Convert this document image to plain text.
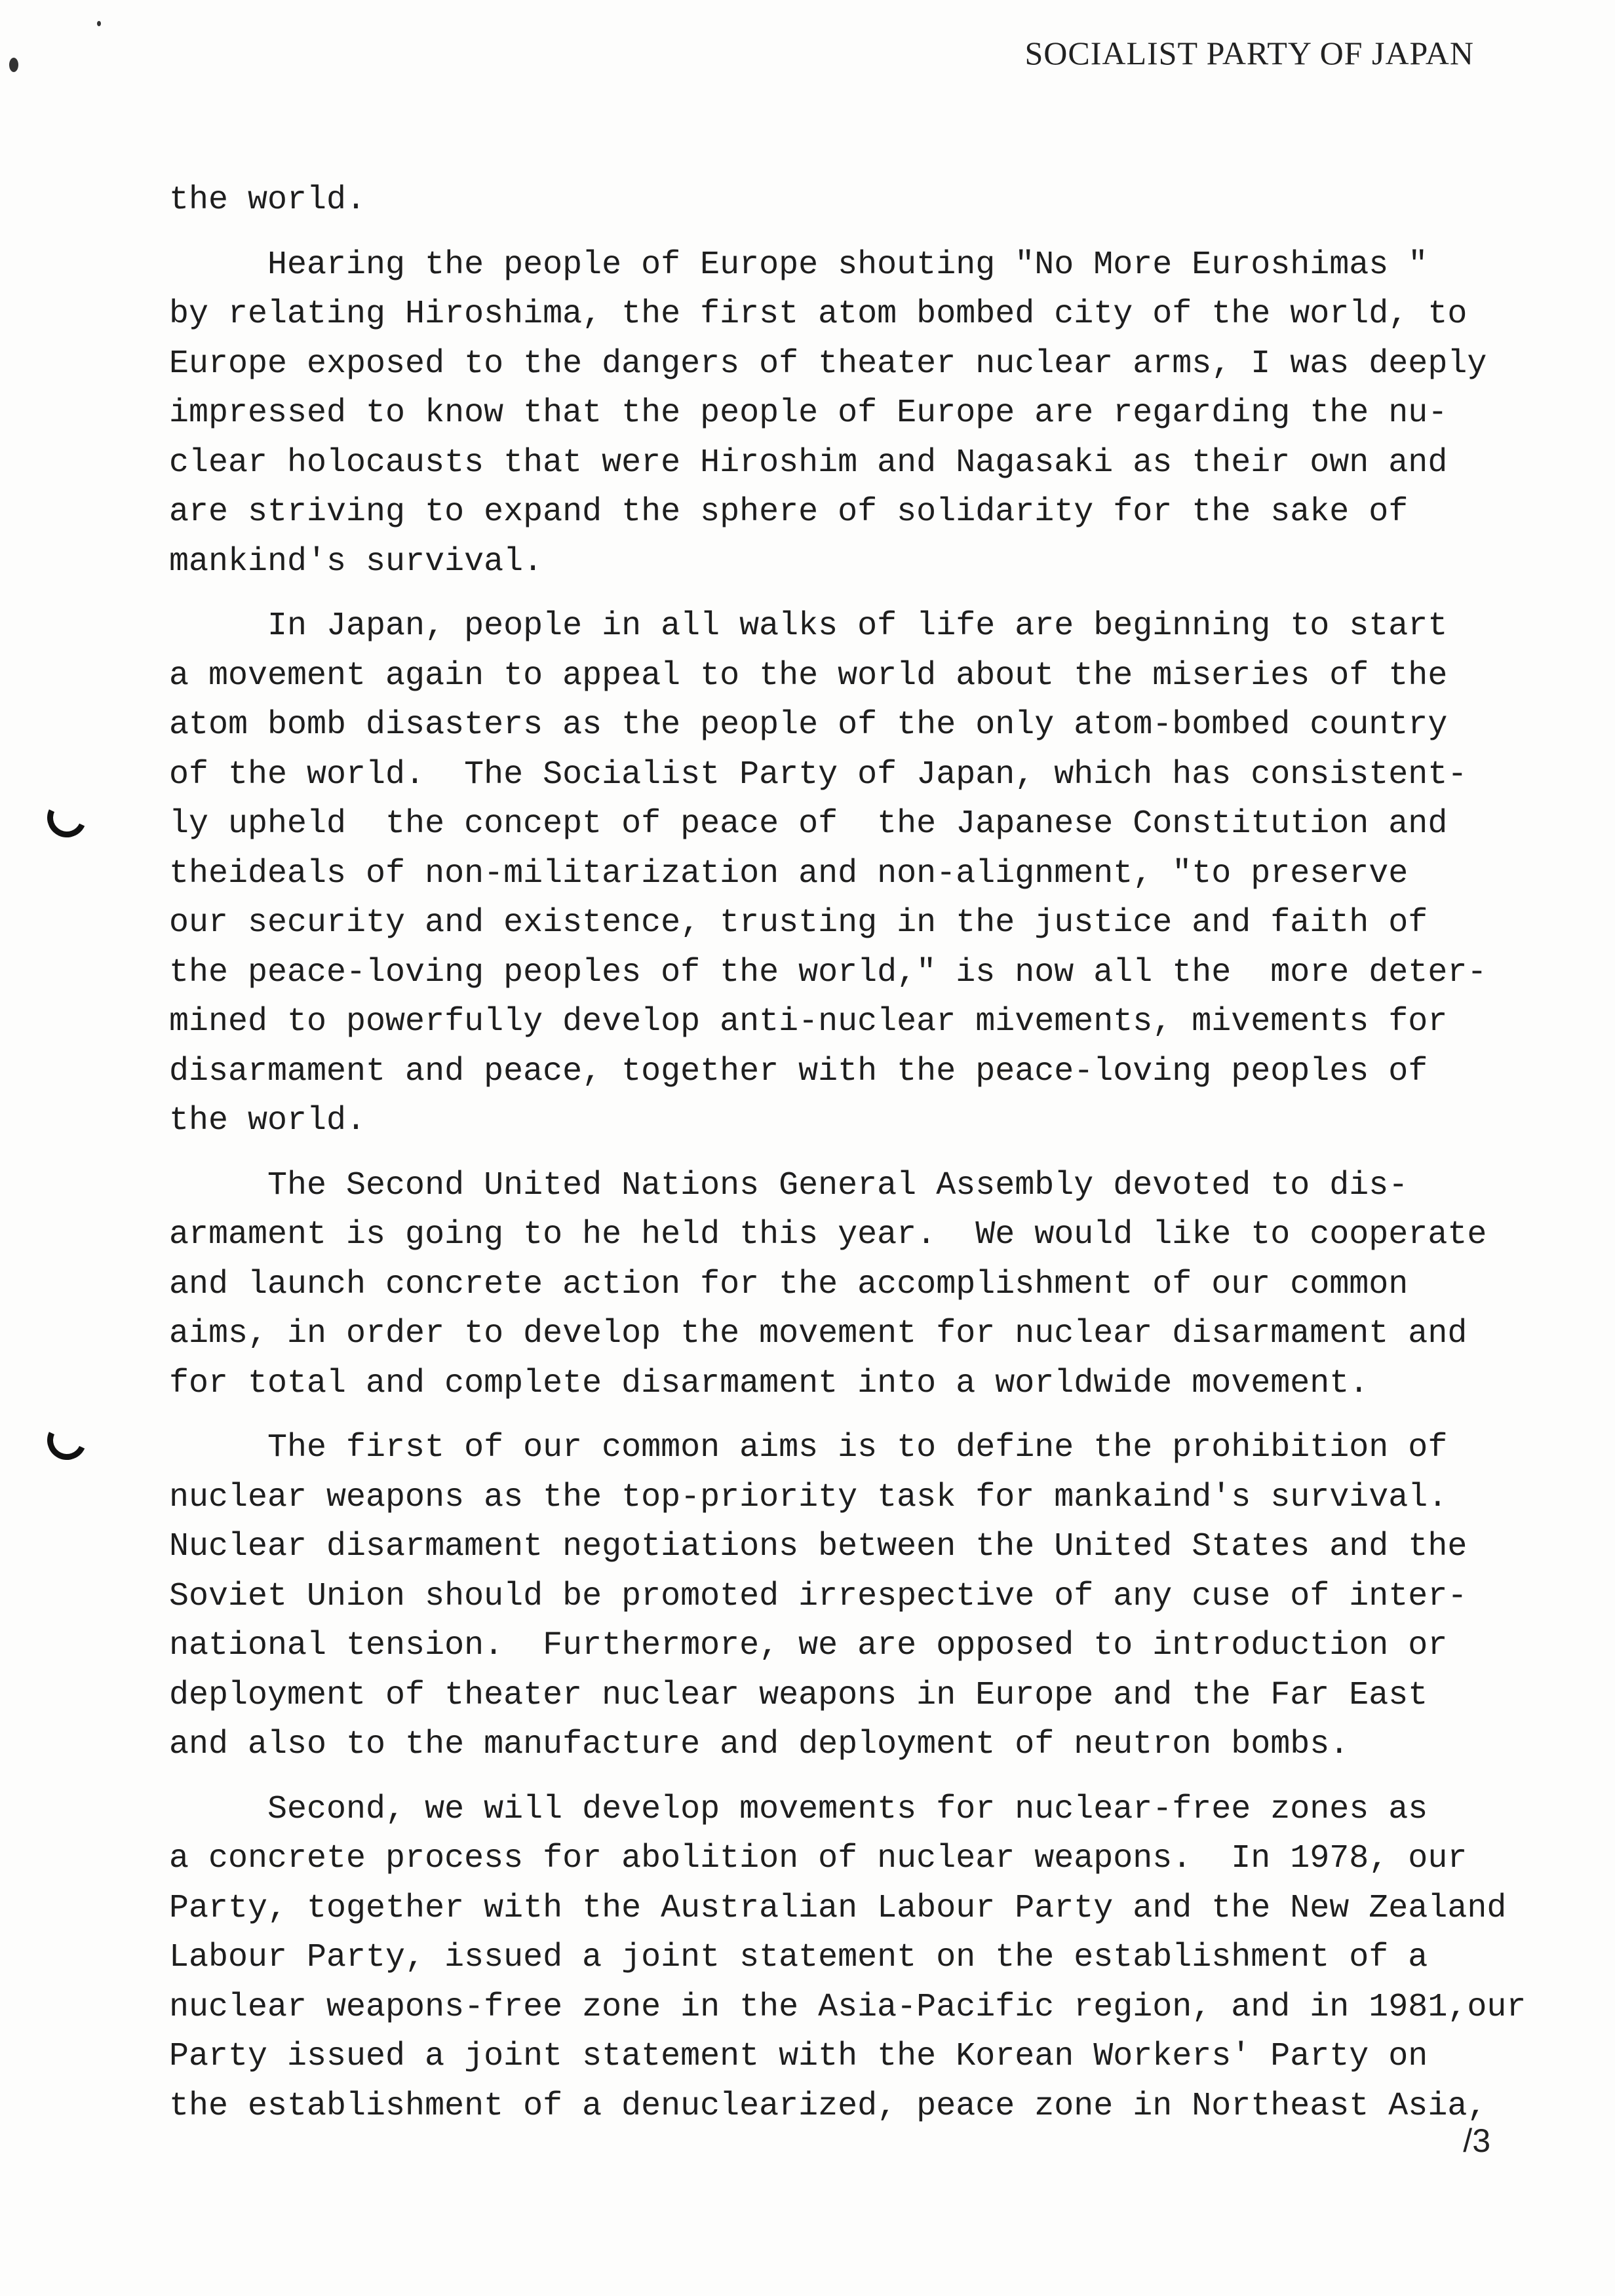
SOCIALIST PARTY OF JAPAN
the world.
Hearing the people of Europe shouting "No More Euroshimas "
by relating Hiroshima, the first atom bombed city of the world, to
Europe exposed to the dangers of theater nuclear arms, I was deeply
impressed to know that the people of Europe are regarding the nu-
clear holocausts that were Hiroshim and Nagasaki as their own and
are striving to expand the sphere of solidarity for the sake of
mankind's survival.
In Japan, people in all walks of life are beginning to start
a movement again to appeal to the world about the miseries of the
atom bomb disasters as the people of the only atom-bombed country
of the world.  The Socialist Party of Japan, which has consistent-
ly upheld  the concept of peace of  the Japanese Constitution and
theideals of non-militarization and non-alignment, "to preserve
our security and existence, trusting in the justice and faith of
the peace-loving peoples of the world," is now all the  more deter-
mined to powerfully develop anti-nuclear mivements, mivements for
disarmament and peace, together with the peace-loving peoples of
the world.
The Second United Nations General Assembly devoted to dis-
armament is going to he held this year.  We would like to cooperate
and launch concrete action for the accomplishment of our common
aims, in order to develop the movement for nuclear disarmament and
for total and complete disarmament into a worldwide movement.
The first of our common aims is to define the prohibition of
nuclear weapons as the top-priority task for mankaind's survival.
Nuclear disarmament negotiations between the United States and the
Soviet Union should be promoted irrespective of any cuse of inter-
national tension.  Furthermore, we are opposed to introduction or
deployment of theater nuclear weapons in Europe and the Far East
and also to the manufacture and deployment of neutron bombs.
Second, we will develop movements for nuclear-free zones as
a concrete process for abolition of nuclear weapons.  In 1978, our
Party, together with the Australian Labour Party and the New Zealand
Labour Party, issued a joint statement on the establishment of a
nuclear weapons-free zone in the Asia-Pacific region, and in 1981,our
Party issued a joint statement with the Korean Workers' Party on
the establishment of a denuclearized, peace zone in Northeast Asia,
/3
